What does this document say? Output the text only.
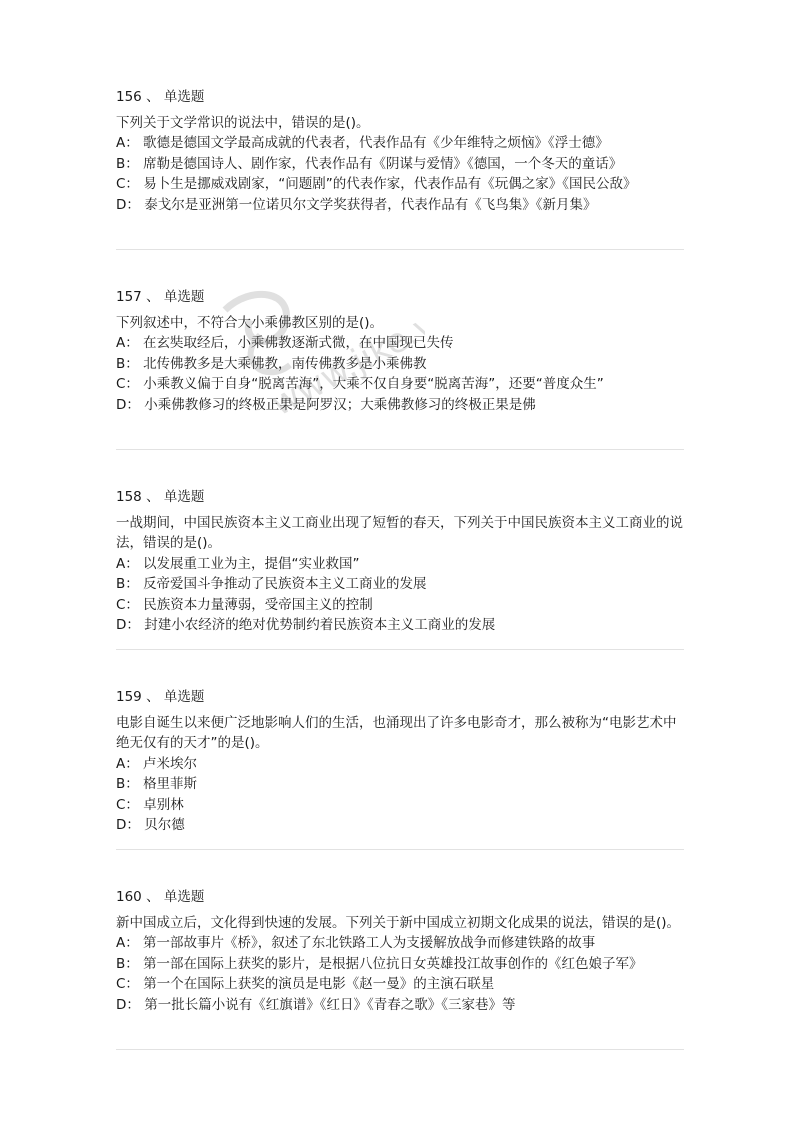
156 、 单选题
下列关于文学常识的说法中，错误的是()。
A： 歌德是德国文学最高成就的代表者，代表作品有《少年维特之烦恼》《浮士德》
B： 席勒是德国诗人、剧作家，代表作品有《阴谋与爱情》《德国，一个冬天的童话》
C： 易卜生是挪威戏剧家，“问题剧”的代表作家，代表作品有《玩偶之家》《国民公敌》
D： 泰戈尔是亚洲第一位诺贝尔文学奖获得者，代表作品有《飞鸟集》《新月集》
157 、 单选题
下列叙述中，不符合大小乘佛教区别的是()。
A： 在玄奘取经后，小乘佛教逐渐式微，在中国现已失传
B： 北传佛教多是大乘佛教，南传佛教多是小乘佛教
C： 小乘教义偏于自身“脱离苦海”，大乘不仅自身要“脱离苦海”，还要“普度众生”
D： 小乘佛教修习的终极正果是阿罗汉；大乘佛教修习的终极正果是佛
158 、 单选题
一战期间，中国民族资本主义工商业出现了短暂的春天，下列关于中国民族资本主义工商业的说法，错误的是()。
A： 以发展重工业为主，提倡“实业救国”
B： 反帝爱国斗争推动了民族资本主义工商业的发展
C： 民族资本力量薄弱，受帝国主义的控制
D： 封建小农经济的绝对优势制约着民族资本主义工商业的发展
159 、 单选题
电影自诞生以来便广泛地影响人们的生活，也涌现出了许多电影奇才，那么被称为“电影艺术中绝无仅有的天才”的是()。
A： 卢米埃尔
B： 格里菲斯
C： 卓别林
D： 贝尔德
160 、 单选题
新中国成立后，文化得到快速的发展。下列关于新中国成立初期文化成果的说法，错误的是()。
A： 第一部故事片《桥》，叙述了东北铁路工人为支援解放战争而修建铁路的故事
B： 第一部在国际上获奖的影片，是根据八位抗日女英雄投江故事创作的《红色娘子军》
C： 第一个在国际上获奖的演员是电影《赵一曼》的主演石联星
D： 第一批长篇小说有《红旗谱》《红日》《青春之歌》《三家巷》等
www.jike.vip
